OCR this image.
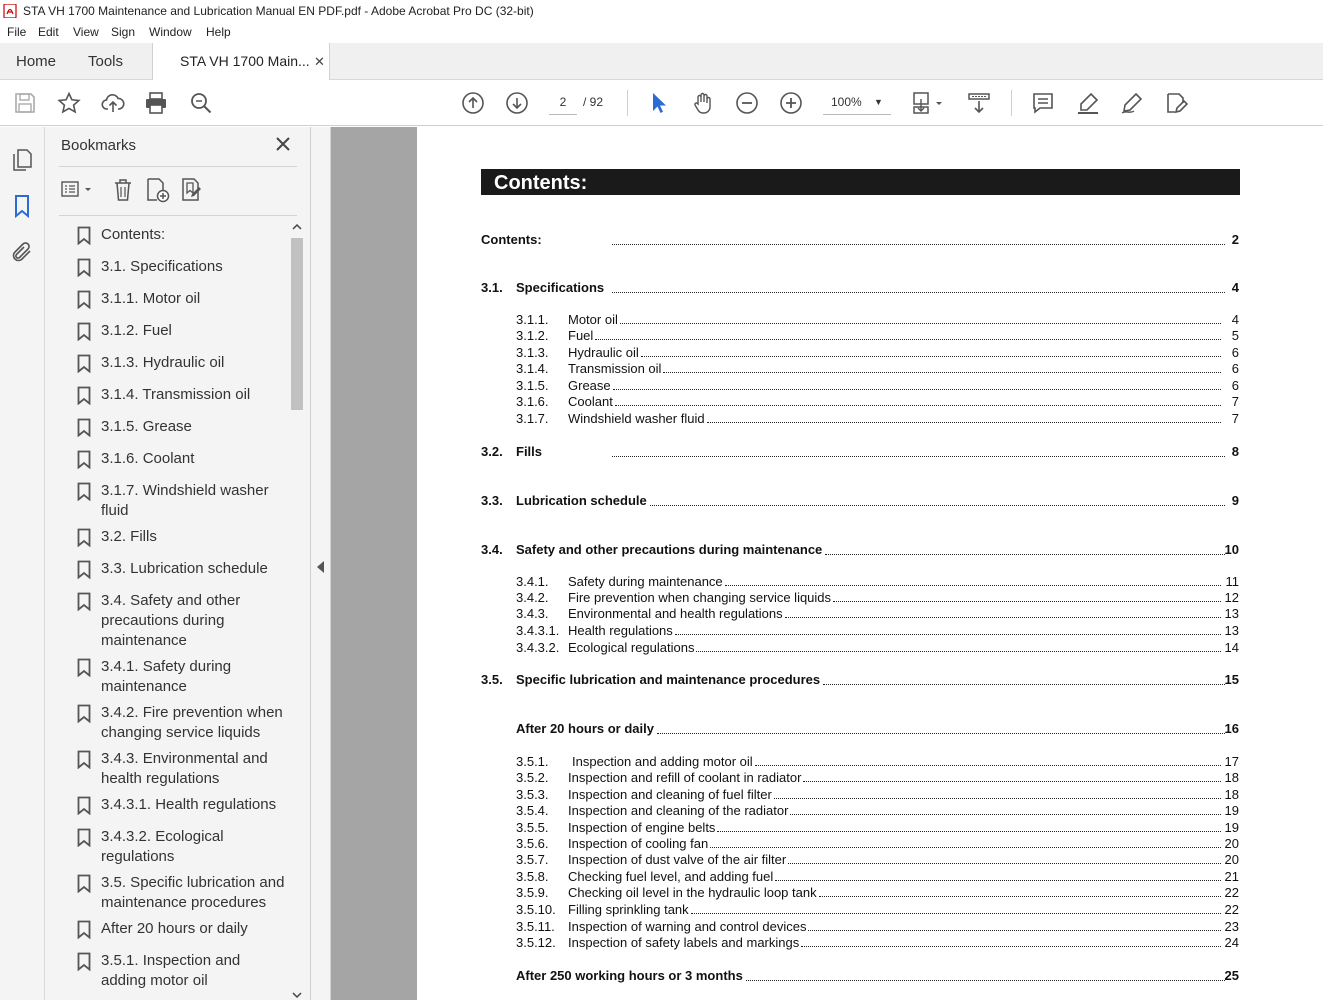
STA VH 1700 Maintenance and Lubrication Manual EN PDF.pdf - Adobe Acrobat Pro DC (32-bit)
File Edit View Sign Window Help
Home Tools	STA VH 1700 Main... ✕
2	/ 92	100% ▼
Bookmarks
Contents:
3.1. Specifications
3.1.1. Motor oil
3.1.2. Fuel
3.1.3. Hydraulic oil
3.1.4. Transmission oil
3.1.5. Grease
3.1.6. Coolant
3.1.7. Windshield washer fluid
3.2. Fills
3.3. Lubrication schedule
3.4. Safety and other precautions during maintenance
3.4.1. Safety during maintenance
3.4.2. Fire prevention when changing service liquids
3.4.3. Environmental and health regulations
3.4.3.1. Health regulations
3.4.3.2. Ecological regulations
3.5. Specific lubrication and maintenance procedures
After 20 hours or daily
3.5.1. Inspection and adding motor oil
Contents:
Contents:	2
3.1. Specifications	4
3.1.1. Motor oil	4
3.1.2. Fuel	5
3.1.3. Hydraulic oil	6
3.1.4. Transmission oil	6
3.1.5. Grease	6
3.1.6. Coolant	7
3.1.7. Windshield washer fluid	7
3.2. Fills	8
3.3. Lubrication schedule	9
3.4. Safety and other precautions during maintenance	10
3.4.1. Safety during maintenance	11
3.4.2. Fire prevention when changing service liquids	12
3.4.3. Environmental and health regulations	13
3.4.3.1. Health regulations	13
3.4.3.2. Ecological regulations	14
3.5. Specific lubrication and maintenance procedures	15
After 20 hours or daily	16
3.5.1. Inspection and adding motor oil	17
3.5.2. Inspection and refill of coolant in radiator	18
3.5.3. Inspection and cleaning of fuel filter	18
3.5.4. Inspection and cleaning of the radiator	19
3.5.5. Inspection of engine belts	19
3.5.6. Inspection of cooling fan	20
3.5.7. Inspection of dust valve of the air filter	20
3.5.8. Checking fuel level, and adding fuel	21
3.5.9. Checking oil level in the hydraulic loop tank	22
3.5.10. Filling sprinkling tank	22
3.5.11. Inspection of warning and control devices	23
3.5.12. Inspection of safety labels and markings	24
After 250 working hours or 3 months	25
